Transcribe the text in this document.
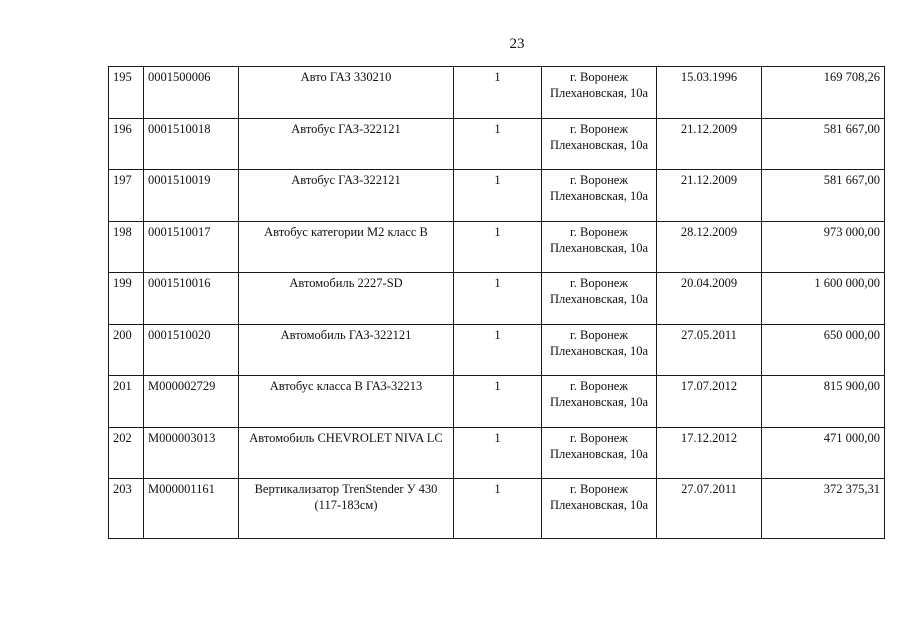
23
195	0001500006	Авто ГАЗ 330210	1	г. Воронеж
Плехановская, 10а	15.03.1996	169 708,26
196	0001510018	Автобус ГАЗ-322121	1	г. Воронеж
Плехановская, 10а	21.12.2009	581 667,00
197	0001510019	Автобус ГАЗ-322121	1	г. Воронеж
Плехановская, 10а	21.12.2009	581 667,00
198	0001510017	Автобус категории М2 класс В	1	г. Воронеж
Плехановская, 10а	28.12.2009	973 000,00
199	0001510016	Автомобиль 2227-SD	1	г. Воронеж
Плехановская, 10а	20.04.2009	1 600 000,00
200	0001510020	Автомобиль ГАЗ-322121	1	г. Воронеж
Плехановская, 10а	27.05.2011	650 000,00
201	М000002729	Автобус класса В ГАЗ-32213	1	г. Воронеж
Плехановская, 10а	17.07.2012	815 900,00
202	М000003013	Автомобиль CHEVROLET NIVA LC	1	г. Воронеж
Плехановская, 10а	17.12.2012	471 000,00
203	М000001161	Вертикализатор TrenStender У 430 (117-183см)	1	г. Воронеж
Плехановская, 10а	27.07.2011	372 375,31
